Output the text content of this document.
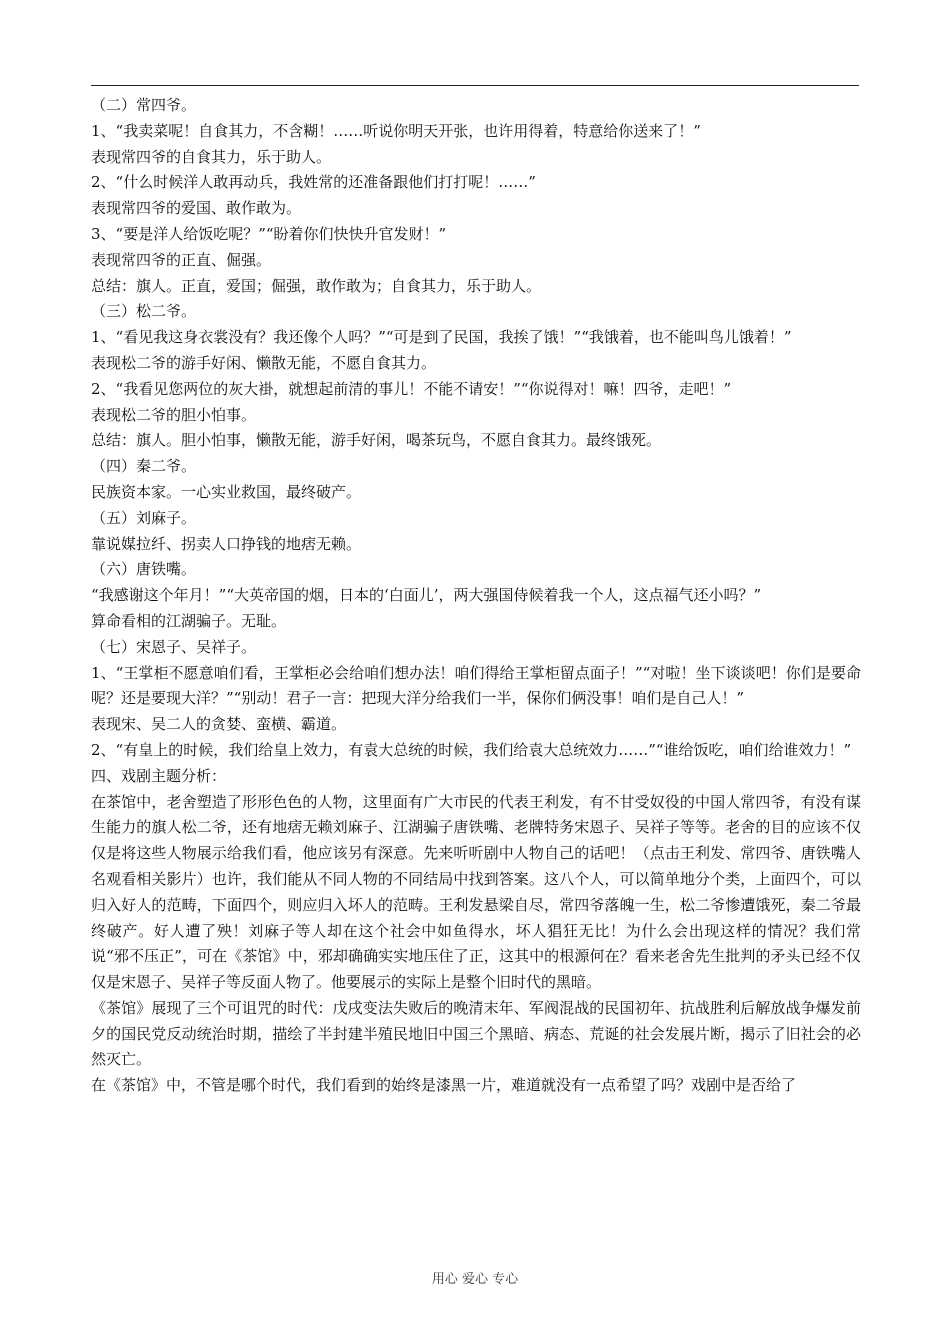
（二）常四爷。
1、“我卖菜呢！自食其力，不含糊！……听说你明天开张，也许用得着，特意给你送来了！”
表现常四爷的自食其力，乐于助人。
2、“什么时候洋人敢再动兵，我姓常的还准备跟他们打打呢！……”
表现常四爷的爱国、敢作敢为。
3、“要是洋人给饭吃呢？”“盼着你们快快升官发财！”
表现常四爷的正直、倔强。
总结：旗人。正直，爱国；倔强，敢作敢为；自食其力，乐于助人。
（三）松二爷。
1、“看见我这身衣裳没有？我还像个人吗？”“可是到了民国，我挨了饿！”“我饿着，也不能叫鸟儿饿着！”
表现松二爷的游手好闲、懒散无能，不愿自食其力。
2、“我看见您两位的灰大褂，就想起前清的事儿！不能不请安！”“你说得对！嘛！四爷，走吧！”
表现松二爷的胆小怕事。
总结：旗人。胆小怕事，懒散无能，游手好闲，喝茶玩鸟，不愿自食其力。最终饿死。
（四）秦二爷。
民族资本家。一心实业救国，最终破产。
（五）刘麻子。
靠说媒拉纤、拐卖人口挣钱的地痞无赖。
（六）唐铁嘴。
“我感谢这个年月！”“大英帝国的烟，日本的‘白面儿’，两大强国侍候着我一个人，这点福气还小吗？”
算命看相的江湖骗子。无耻。
（七）宋恩子、吴祥子。
1、“王掌柜不愿意咱们看，王掌柜必会给咱们想办法！咱们得给王掌柜留点面子！”“对啦！坐下谈谈吧！你们是要命呢？还是要现大洋？”“别动！君子一言：把现大洋分给我们一半，保你们俩没事！咱们是自己人！”
表现宋、吴二人的贪婪、蛮横、霸道。
2、“有皇上的时候，我们给皇上效力，有袁大总统的时候，我们给袁大总统效力……”“谁给饭吃，咱们给谁效力！”
四、戏剧主题分析：
在茶馆中，老舍塑造了形形色色的人物，这里面有广大市民的代表王利发，有不甘受奴役的中国人常四爷，有没有谋生能力的旗人松二爷，还有地痞无赖刘麻子、江湖骗子唐铁嘴、老牌特务宋恩子、吴祥子等等。老舍的目的应该不仅仅是将这些人物展示给我们看，他应该另有深意。先来听听剧中人物自己的话吧！（点击王利发、常四爷、唐铁嘴人名观看相关影片）也许，我们能从不同人物的不同结局中找到答案。这八个人，可以简单地分个类，上面四个，可以归入好人的范畴，下面四个，则应归入坏人的范畴。王利发悬梁自尽，常四爷落魄一生，松二爷惨遭饿死，秦二爷最终破产。好人遭了殃！刘麻子等人却在这个社会中如鱼得水，坏人猖狂无比！为什么会出现这样的情况？我们常说“邪不压正”，可在《茶馆》中，邪却确确实实地压住了正，这其中的根源何在？看来老舍先生批判的矛头已经不仅仅是宋恩子、吴祥子等反面人物了。他要展示的实际上是整个旧时代的黑暗。
《茶馆》展现了三个可诅咒的时代：戊戌变法失败后的晚清末年、军阀混战的民国初年、抗战胜利后解放战争爆发前夕的国民党反动统治时期，描绘了半封建半殖民地旧中国三个黑暗、病态、荒诞的社会发展片断，揭示了旧社会的必然灭亡。
在《茶馆》中，不管是哪个时代，我们看到的始终是漆黑一片，难道就没有一点希望了吗？戏剧中是否给了
用心 爱心 专心
